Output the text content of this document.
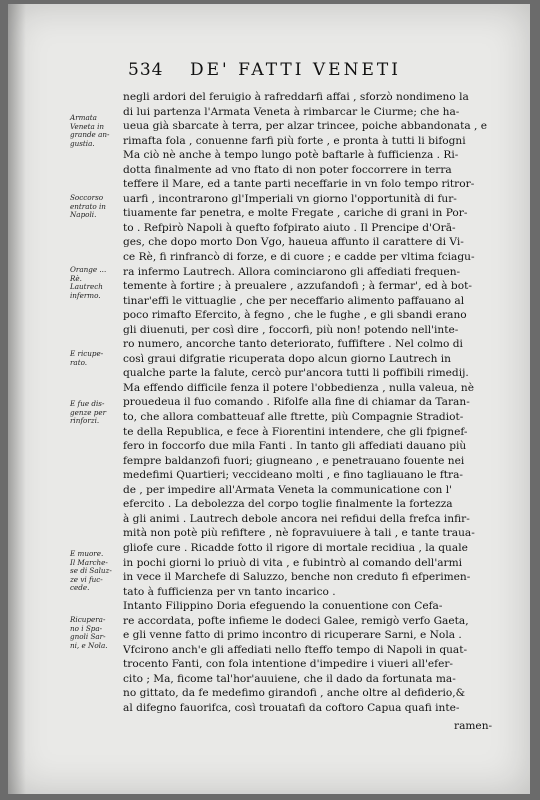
534 DE' FATTI VENETI
Armata
Veneta in
grande an-
gustia.
Soccorso
entrato in
Napoli.
Orange ...
Rè.
Lautrech
infermo.
E ricupe-
rato.
E fue dis-
genze per
rinforzi.
E muore.
Il Marche-
se di Saluz-
ze vi fuc-
cede.
Ricupera-
no i Spa-
gnoli Sar-
ni, e Nola.
negli ardori del feruigio à rafreddarfi affai , sforzò nondimeno la
di lui partenza l'Armata Veneta à rimbarcar le Ciurme; che ha-
ueua già sbarcate à terra, per alzar trincee, poiche abbandonata , e
rimafta fola , conuenne farfi più forte , e pronta à tutti li bifogni
Ma ciò nè anche à tempo lungo potè baftarle à fufficienza . Ri-
dotta finalmente ad vno ftato di non poter foccorrere in terra
teffere il Mare, ed a tante parti neceffarie in vn folo tempo ritror-
uarfi , incontrarono gl'Imperiali vn giorno l'opportunità di fur-
tiuamente far penetra, e molte Fregate , cariche di grani in Por-
to . Refpirò Napoli à quefto fofpirato aiuto . Il Prencipe d'Orā-
ges, che dopo morto Don Vgo, haueua affunto il carattere di Vi-
ce Rè, fi rinfrancò di forze, e di cuore ; e cadde per vltima fciagu-
ra infermo Lautrech. Allora cominciarono gli affediati frequen-
temente à fortire ; à preualere , azzufandofi ; à fermar', ed à bot-
tinar'effi le vittuaglie , che per neceffario alimento paffauano al
poco rimafto Efercito, à fegno , che le fughe , e gli sbandi erano
gli diuenuti, per così dire , foccorfi, più non! potendo nell'inte-
ro numero, ancorche tanto deteriorato, fuffiftere . Nel colmo di
così graui difgratie ricuperata dopo alcun giorno Lautrech in
qualche parte la falute, cercò pur'ancora tutti li poffibili rimedij.
Ma effendo difficile fenza il potere l'obbedienza , nulla valeua, nè
prouedeua il fuo comando . Rifolfe alla fine di chiamar da Taran-
to, che allora combatteuaf alle ftrette, più Compagnie Stradiot-
te della Republica, e fece à Fiorentini intendere, che gli fpignef-
fero in foccorfo due mila Fanti . In tanto gli affediati dauano più
fempre baldanzofi fuori; giugneano , e penetrauano fouente nei
medefimi Quartieri; veccideano molti , e fino tagliauano le ftra-
de , per impedire all'Armata Veneta la communicatione con l'
efercito . La debolezza del corpo toglie finalmente la fortezza
à gli animi . Lautrech debole ancora nei refidui della frefca infir-
mità non potè più refiftere , nè fopravuiuere à tali , e tante traua-
gliofe cure . Ricadde fotto il rigore di mortale recidiua , la quale
in pochi giorni lo priuò di vita , e fubintrò al comando dell'armi
in vece il Marchefe di Saluzzo, benche non creduto fi efperimen-
tato à fufficienza per vn tanto incarico .
Intanto Filippino Doria efeguendo la conuentione con Cefa-
re accordata, pofte infieme le dodeci Galee, remigò verfo Gaeta,
e gli venne fatto di primo incontro di ricuperare Sarni, e Nola .
Vfcirono anch'e gli affediati nello fteffo tempo di Napoli in quat-
trocento Fanti, con fola intentione d'impedire i viueri all'efer-
cito ; Ma, ficome tal'hor'auuiene, che il dado da fortunata ma-
no gittato, da fe medefimo girandofi , anche oltre al defiderio,&
al difegno fauorifca, così trouatafi da coftoro Capua quafi inte-
ramen-
